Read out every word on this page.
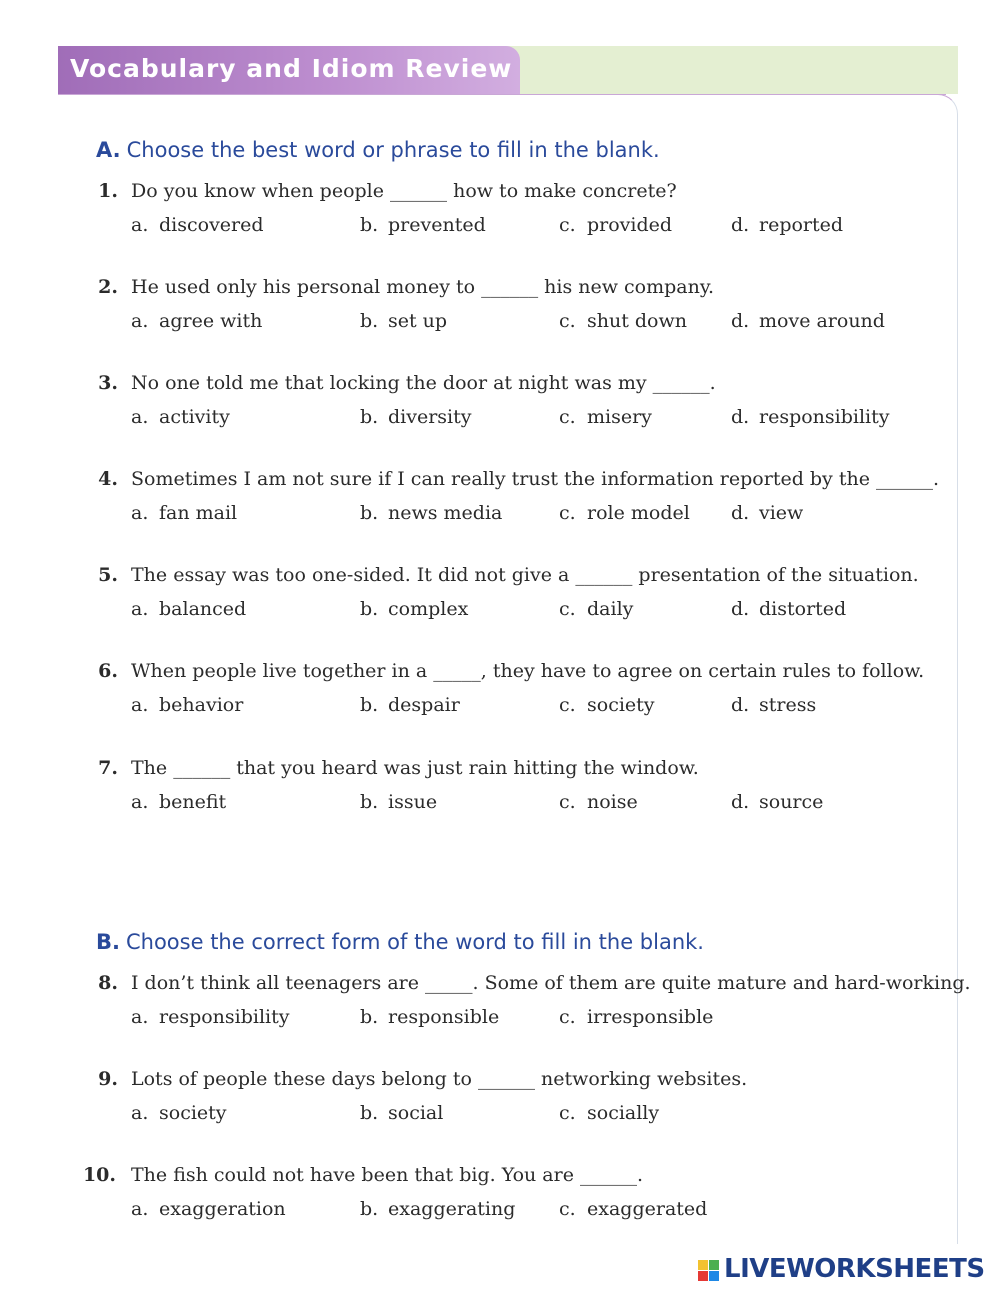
Vocabulary and Idiom Review
A. Choose the best word or phrase to fill in the blank.
B. Choose the correct form of the word to fill in the blank.
1. Do you know when people ______ how to make concrete?
a. discovered	b. prevented	c. provided	d. reported
2. He used only his personal money to ______ his new company.
a. agree with	b. set up	c. shut down d. move around
3. No one told me that locking the door at night was my ______.
a. activity	b. diversity	c. misery	d. responsibility
4. Sometimes I am not sure if I can really trust the information reported by the ______.
a. fan mail	b. news media	c. role model d. view
5. The essay was too one-sided. It did not give a ______ presentation of the situation.
a. balanced	b. complex	c. daily	d. distorted
6. When people live together in a _____, they have to agree on certain rules to follow.
a. behavior	b. despair	c. society	d. stress
7. The ______ that you heard was just rain hitting the window.
a. benefit	b. issue	c. noise	d. source
8. I don’t think all teenagers are _____. Some of them are quite mature and hard-working.
a. responsibility	b. responsible	c. irresponsible
9. Lots of people these days belong to ______ networking websites.
a. society	b. social	c. socially
10. The fish could not have been that big. You are ______.
a. exaggeration	b. exaggerating c. exaggerated
LIVEWORKSHEETS
